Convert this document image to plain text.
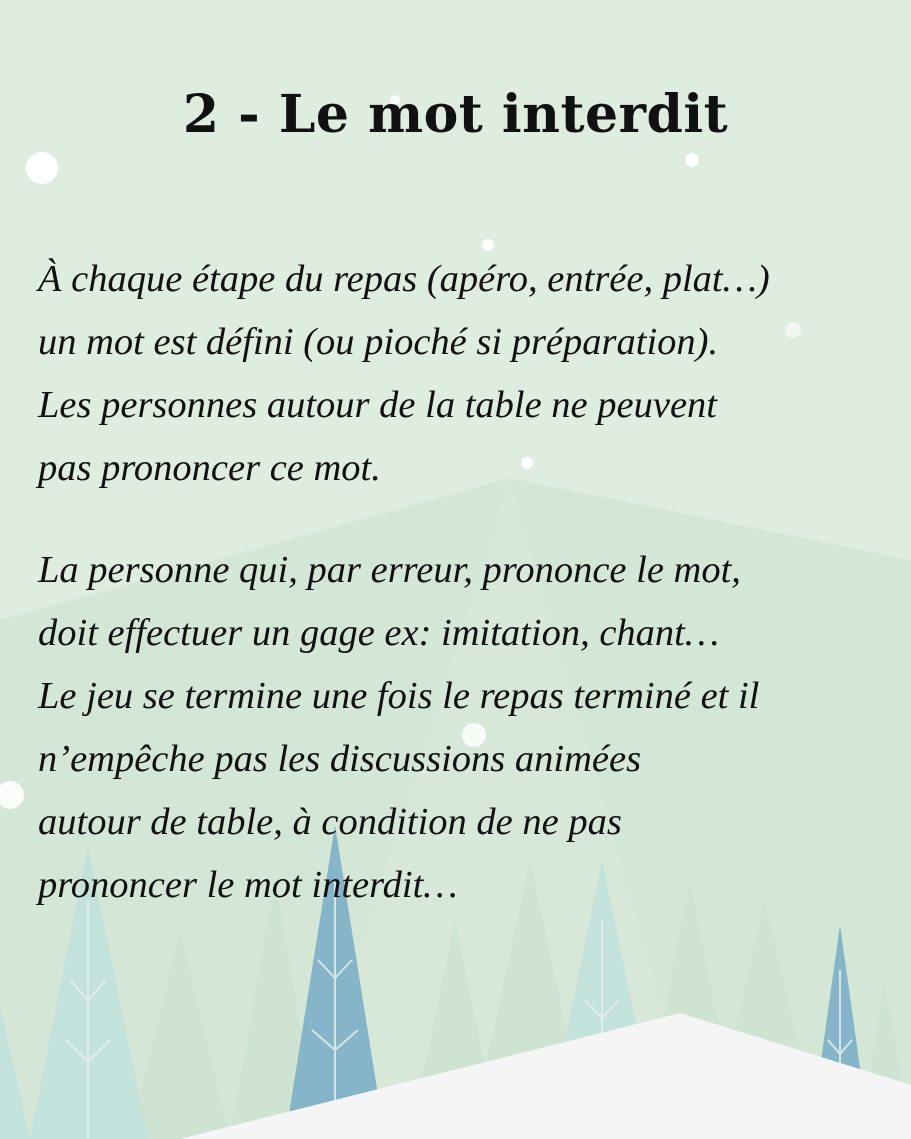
2 - Le mot interdit
À chaque étape du repas (apéro, entrée, plat…)
un mot est défini (ou pioché si préparation).
Les personnes autour de la table ne peuvent
pas prononcer ce mot.
La personne qui, par erreur, prononce le mot,
doit effectuer un gage ex: imitation, chant…
Le jeu se termine une fois le repas terminé et il
n’empêche pas les discussions animées
autour de table, à condition de ne pas
prononcer le mot interdit…
